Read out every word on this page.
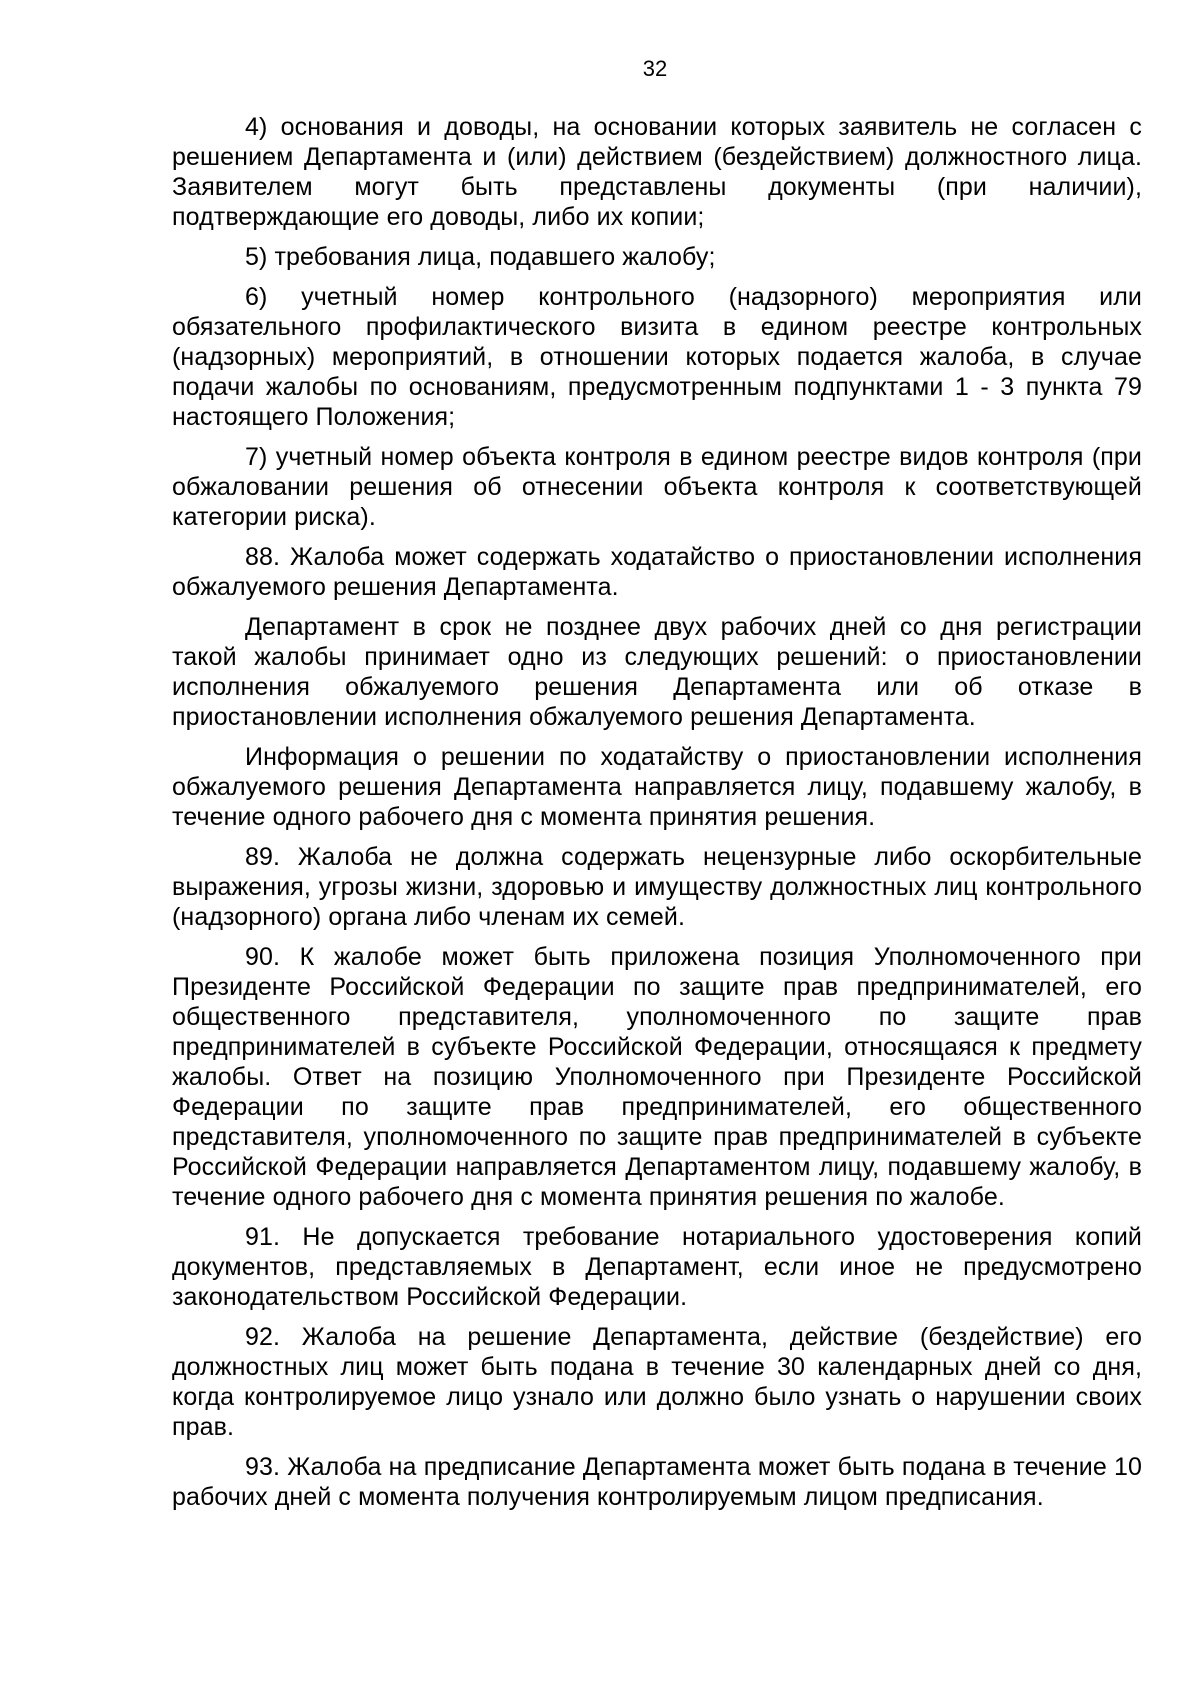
32

4) основания и доводы, на основании которых заявитель не согласен с решением Департамента и (или) действием (бездействием) должностного лица. Заявителем могут быть представлены документы (при наличии), подтверждающие его доводы, либо их копии;

5) требования лица, подавшего жалобу;

6) учетный номер контрольного (надзорного) мероприятия или обязательного профилактического визита в едином реестре контрольных (надзорных) мероприятий, в отношении которых подается жалоба, в случае подачи жалобы по основаниям, предусмотренным подпунктами 1 - 3 пункта 79 настоящего Положения;

7) учетный номер объекта контроля в едином реестре видов контроля (при обжаловании решения об отнесении объекта контроля к соответствующей категории риска).

88. Жалоба может содержать ходатайство о приостановлении исполнения обжалуемого решения Департамента.

Департамент в срок не позднее двух рабочих дней со дня регистрации такой жалобы принимает одно из следующих решений: о приостановлении исполнения обжалуемого решения Департамента или об отказе в приостановлении исполнения обжалуемого решения Департамента.

Информация о решении по ходатайству о приостановлении исполнения обжалуемого решения Департамента направляется лицу, подавшему жалобу, в течение одного рабочего дня с момента принятия решения.

89. Жалоба не должна содержать нецензурные либо оскорбительные выражения, угрозы жизни, здоровью и имуществу должностных лиц контрольного (надзорного) органа либо членам их семей.

90. К жалобе может быть приложена позиция Уполномоченного при Президенте Российской Федерации по защите прав предпринимателей, его общественного представителя, уполномоченного по защите прав предпринимателей в субъекте Российской Федерации, относящаяся к предмету жалобы. Ответ на позицию Уполномоченного при Президенте Российской Федерации по защите прав предпринимателей, его общественного представителя, уполномоченного по защите прав предпринимателей в субъекте Российской Федерации направляется Департаментом лицу, подавшему жалобу, в течение одного рабочего дня с момента принятия решения по жалобе.

91. Не допускается требование нотариального удостоверения копий документов, представляемых в Департамент, если иное не предусмотрено законодательством Российской Федерации.

92. Жалоба на решение Департамента, действие (бездействие) его должностных лиц может быть подана в течение 30 календарных дней со дня, когда контролируемое лицо узнало или должно было узнать о нарушении своих прав.

93. Жалоба на предписание Департамента может быть подана в течение 10 рабочих дней с момента получения контролируемым лицом предписания.
